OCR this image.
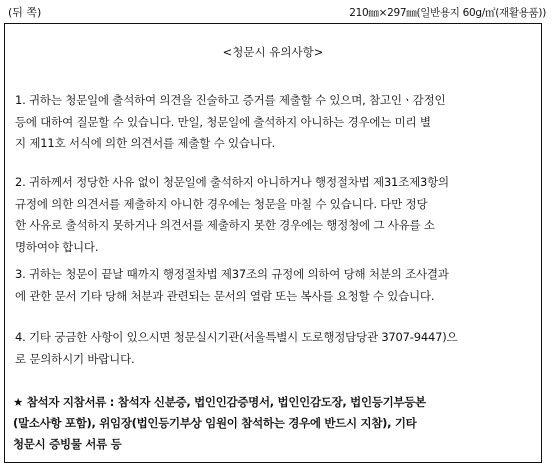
(뒤 쪽)	210㎜×297㎜(일반용지 60g/㎡(재활용품))
<청문시 유의사항>
1. 귀하는 청문일에 출석하여 의견을 진술하고 증거를 제출할 수 있으며, 참고인ㆍ감정인
등에 대하여 질문할 수 있습니다. 만일, 청문일에 출석하지 아니하는 경우에는 미리 별
지 제11호 서식에 의한 의견서를 제출할 수 있습니다.
2. 귀하께서 정당한 사유 없이 청문일에 출석하지 아니하거나 행정절차법 제31조제3항의
규정에 의한 의견서를 제출하지 아니한 경우에는 청문을 마칠 수 있습니다. 다만 정당
한 사유로 출석하지 못하거나 의견서를 제출하지 못한 경우에는 행정청에 그 사유를 소
명하여야 합니다.
3. 귀하는 청문이 끝날 때까지 행정절차법 제37조의 규정에 의하여 당해 처분의 조사결과
에 관한 문서 기타 당해 처분과 관련되는 문서의 열람 또는 복사를 요청할 수 있습니다.
4. 기타 궁금한 사항이 있으시면 청문실시기관(서울특별시 도로행정담당관 3707-9447)으
로 문의하시기 바랍니다.
★ 참석자 지참서류 : 참석자 신분증, 법인인감증명서, 법인인감도장, 법인등기부등본
(말소사항 포함), 위임장(법인등기부상 임원이 참석하는 경우에 반드시 지참), 기타
청문시 증빙물 서류 등
